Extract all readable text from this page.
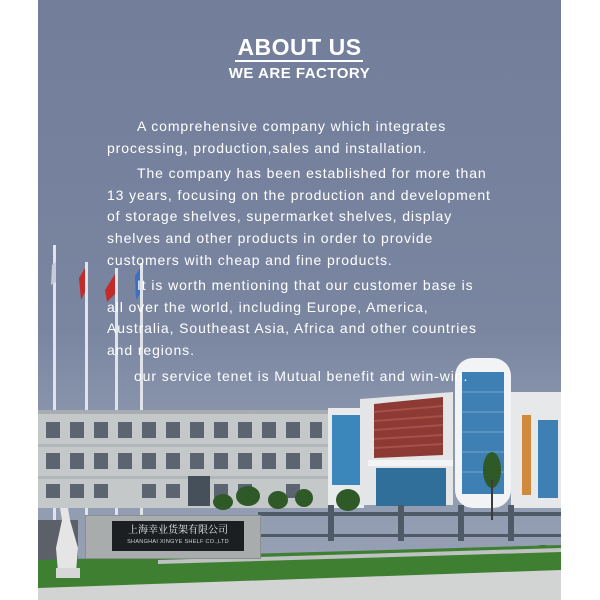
ABOUT US
WE ARE FACTORY

A comprehensive company which integrates processing, production,sales and installation.

The company has been established for more than 13 years, focusing on the production and development of storage shelves, supermarket shelves, display shelves and other products in order to provide customers with cheap and fine products.

It is worth mentioning that our customer base is all over the world, including Europe, America, Australia, Southeast Asia, Africa and other countries and regions.

our service tenet is Mutual benefit and win-win.

上海幸业货架有限公司
SHANGHAI XINGYE SHELF CO.,LTD
